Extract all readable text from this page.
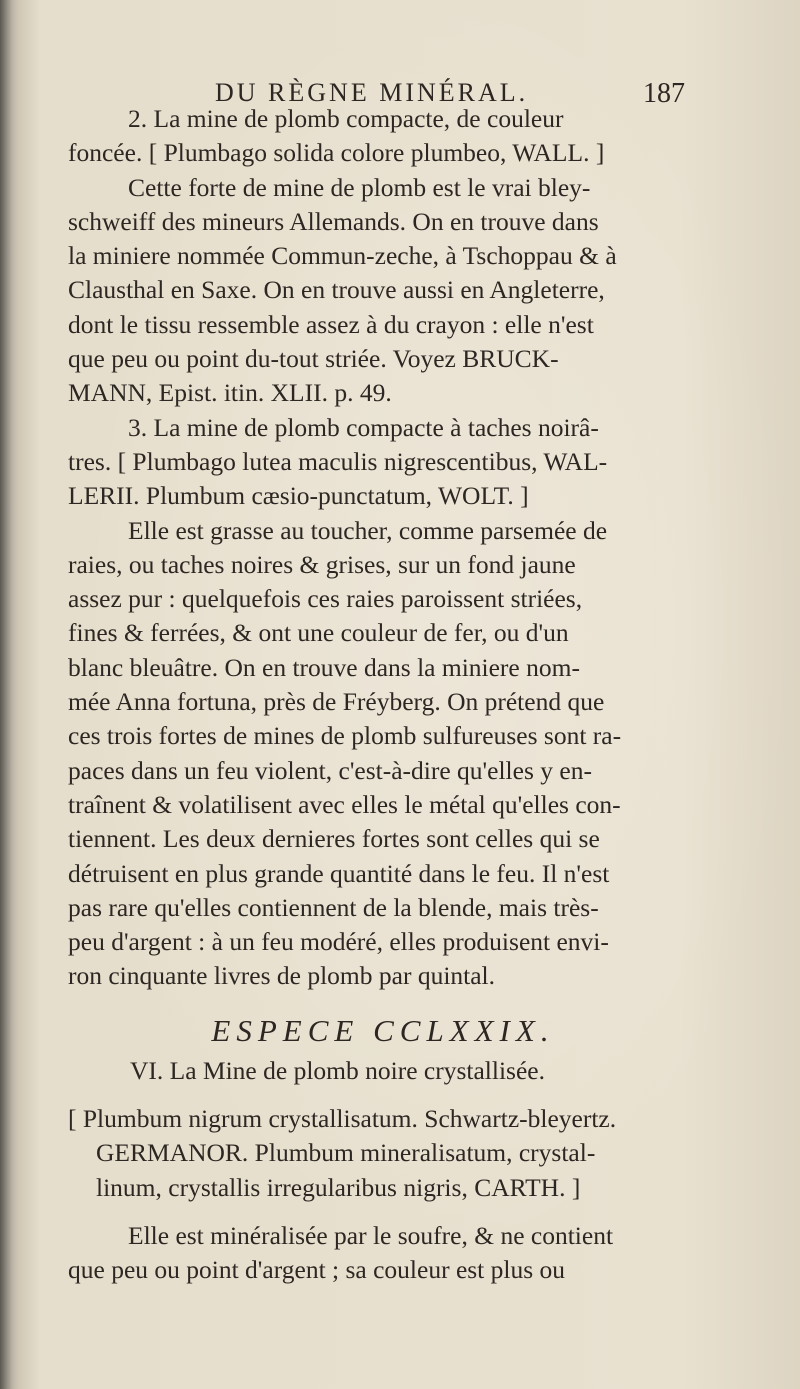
DU RÈGNE MINÉRAL.	187
2. La mine de plomb compacte, de couleur
foncée. [ Plumbago solida colore plumbeo, WALL. ]
Cette forte de mine de plomb est le vrai bley-
schweiff des mineurs Allemands. On en trouve dans
la miniere nommée Commun-zeche, à Tschoppau & à
Clausthal en Saxe. On en trouve aussi en Angleterre,
dont le tissu ressemble assez à du crayon : elle n'est
que peu ou point du-tout striée. Voyez BRUCK-
MANN, Epist. itin. XLII. p. 49.
3. La mine de plomb compacte à taches noirâ-
tres. [ Plumbago lutea maculis nigrescentibus, WAL-
LERII. Plumbum cæsio-punctatum, WOLT. ]
Elle est grasse au toucher, comme parsemée de
raies, ou taches noires & grises, sur un fond jaune
assez pur : quelquefois ces raies paroissent striées,
fines & ferrées, & ont une couleur de fer, ou d'un
blanc bleuâtre. On en trouve dans la miniere nom-
mée Anna fortuna, près de Fréyberg. On prétend que
ces trois fortes de mines de plomb sulfureuses sont ra-
paces dans un feu violent, c'est-à-dire qu'elles y en-
traînent & volatilisent avec elles le métal qu'elles con-
tiennent. Les deux dernieres fortes sont celles qui se
détruisent en plus grande quantité dans le feu. Il n'est
pas rare qu'elles contiennent de la blende, mais très-
peu d'argent : à un feu modéré, elles produisent envi-
ron cinquante livres de plomb par quintal.
ESPECE CCLXXIX.
VI. La Mine de plomb noire crystallisée.
[ Plumbum nigrum crystallisatum. Schwartz-bleyertz.
GERMANOR. Plumbum mineralisatum, crystal-
linum, crystallis irregularibus nigris, CARTH. ]
Elle est minéralisée par le soufre, & ne contient
que peu ou point d'argent ; sa couleur est plus ou
